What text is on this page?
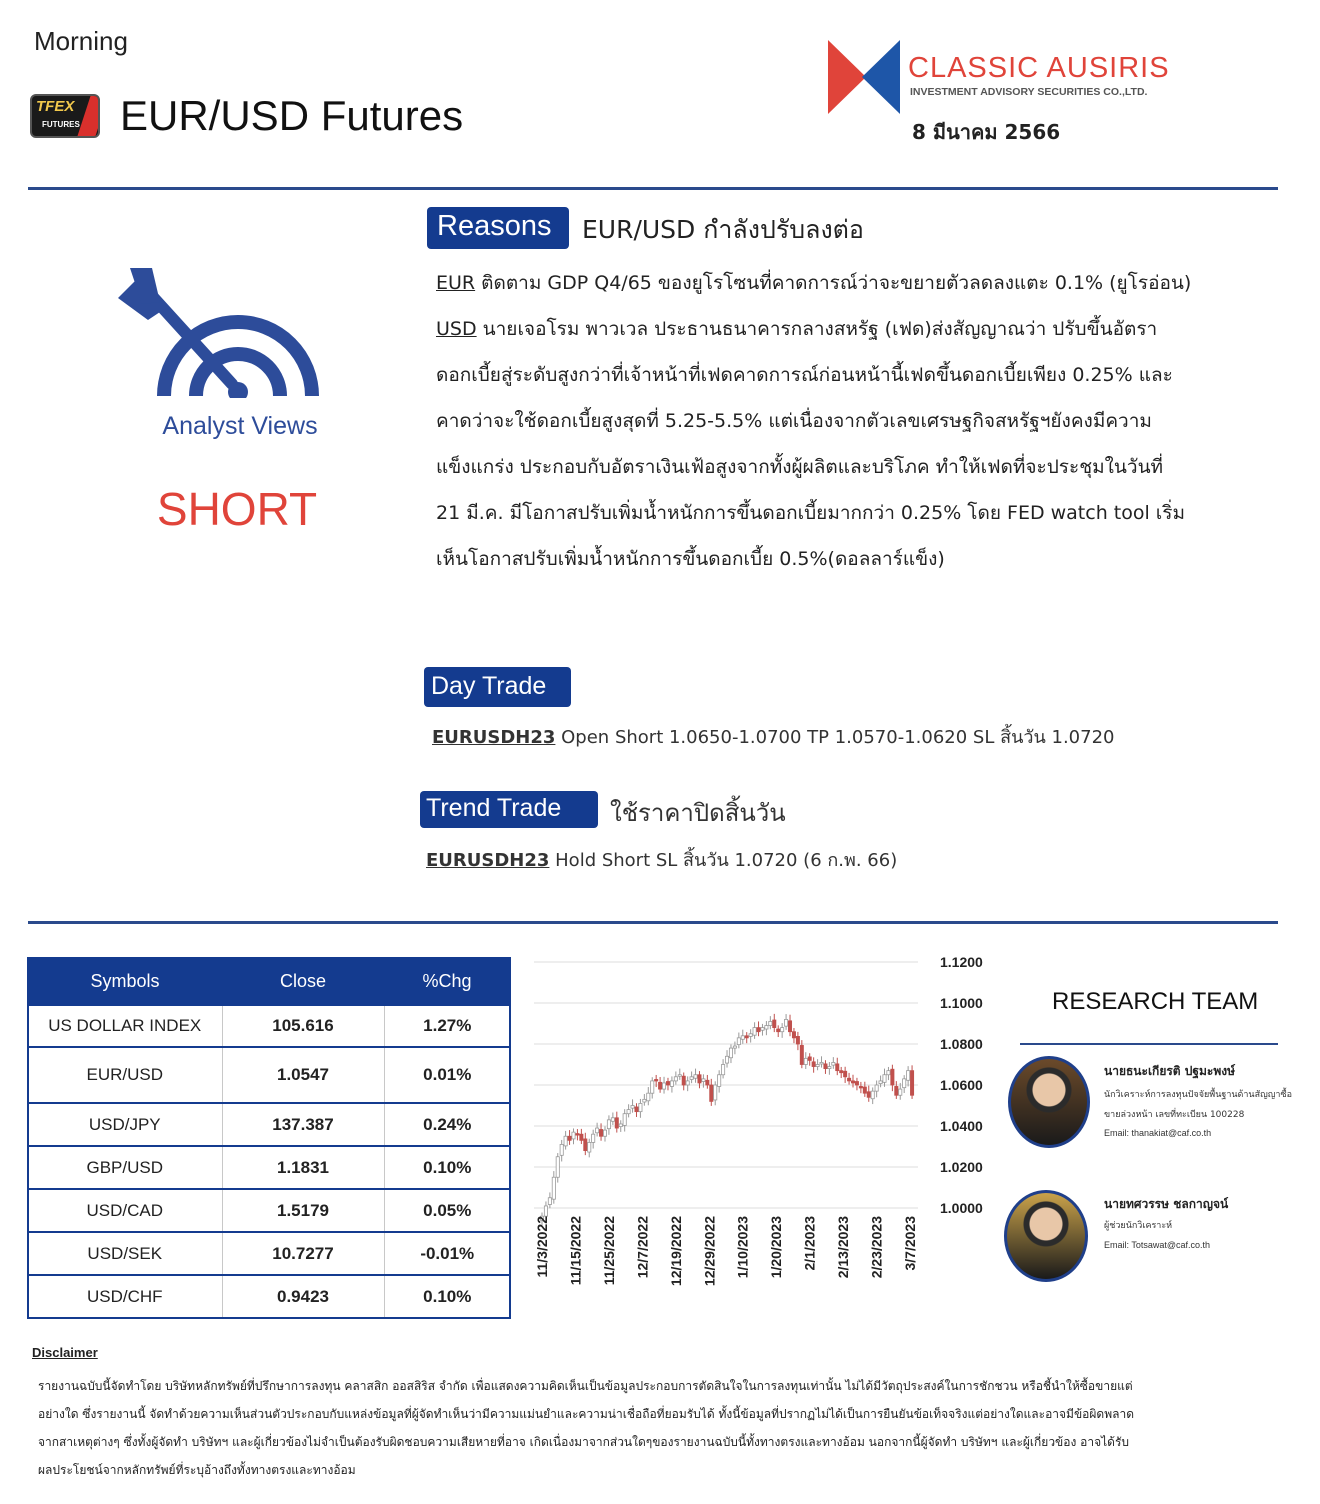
Morning
TFEX
FUTURES EUR/USD Futures
CLASSIC AUSIRIS
INVESTMENT ADVISORY SECURITIES CO.,LTD.
8 มีนาคม 2566
Analyst Views
SHORT
Reasons EUR/USD กำลังปรับลงต่อ
EUR ติดตาม GDP Q4/65 ของยูโรโซนที่คาดการณ์ว่าจะขยายตัวลดลงแตะ 0.1% (ยูโรอ่อน)
USD นายเจอโรม พาวเวล ประธานธนาคารกลางสหรัฐ (เฟด)ส่งสัญญาณว่า ปรับขึ้นอัตรา
ดอกเบี้ยสู่ระดับสูงกว่าที่เจ้าหน้าที่เฟดคาดการณ์ก่อนหน้านี้เฟดขึ้นดอกเบี้ยเพียง 0.25% และ
คาดว่าจะใช้ดอกเบี้ยสูงสุดที่ 5.25-5.5% แต่เนื่องจากตัวเลขเศรษฐกิจสหรัฐฯยังคงมีความ
แข็งแกร่ง ประกอบกับอัตราเงินเฟ้อสูงจากทั้งผู้ผลิตและบริโภค ทำให้เฟดที่จะประชุมในวันที่
21 มี.ค. มีโอกาสปรับเพิ่มน้ำหนักการขึ้นดอกเบี้ยมากกว่า 0.25% โดย FED watch tool เริ่ม
เห็นโอกาสปรับเพิ่มน้ำหนักการขึ้นดอกเบี้ย 0.5%(ดอลลาร์แข็ง)
Day Trade
EURUSDH23 Open Short 1.0650-1.0700 TP 1.0570-1.0620 SL สิ้นวัน 1.0720
Trend Trade ใช้ราคาปิดสิ้นวัน
EURUSDH23 Hold Short SL สิ้นวัน 1.0720 (6 ก.พ. 66)
Symbols	Close	%Chg
US DOLLAR INDEX	105.616	1.27%
EUR/USD	1.0547	0.01%
USD/JPY	137.387	0.24%
GBP/USD	1.1831	0.10%
USD/CAD	1.5179	0.05%
USD/SEK	10.7277	-0.01%
USD/CHF	0.9423	0.10%
1.1200
1.1000
1.0800
1.0600
1.0400
1.0200
1.0000
11/3/2022 11/15/2022 11/25/2022 12/7/2022 12/19/2022 12/29/2022 1/10/2023 1/20/2023 2/1/2023 2/13/2023 2/23/2023 3/7/2023
RESEARCH TEAM
นายธนะเกียรติ ปฐมะพงษ์
นักวิเคราะห์การลงทุนปัจจัยพื้นฐานด้านสัญญาซื้อ
ขายล่วงหน้า เลขที่ทะเบียน 100228
Email: thanakiat@caf.co.th
นายทศวรรษ ชลกาญจน์
ผู้ช่วยนักวิเคราะห์
Email: Totsawat@caf.co.th
Disclaimer
รายงานฉบับนี้จัดทำโดย บริษัทหลักทรัพย์ที่ปรึกษาการลงทุน คลาสสิก ออสสิริส จำกัด เพื่อแสดงความคิดเห็นเป็นข้อมูลประกอบการตัดสินใจในการลงทุนเท่านั้น ไม่ได้มีวัตถุประสงค์ในการชักชวน หรือชี้นำให้ซื้อขายแต่
อย่างใด ซึ่งรายงานนี้ จัดทำด้วยความเห็นส่วนตัวประกอบกับแหล่งข้อมูลที่ผู้จัดทำเห็นว่ามีความแม่นยำและความน่าเชื่อถือที่ยอมรับได้ ทั้งนี้ข้อมูลที่ปรากฏไม่ได้เป็นการยืนยันข้อเท็จจริงแต่อย่างใดและอาจมีข้อผิดพลาด
จากสาเหตุต่างๆ ซึ่งทั้งผู้จัดทำ บริษัทฯ และผู้เกี่ยวข้องไม่จำเป็นต้องรับผิดชอบความเสียหายที่อาจ เกิดเนื่องมาจากส่วนใดๆของรายงานฉบับนี้ทั้งทางตรงและทางอ้อม นอกจากนี้ผู้จัดทำ บริษัทฯ และผู้เกี่ยวข้อง อาจได้รับ
ผลประโยชน์จากหลักทรัพย์ที่ระบุอ้างถึงทั้งทางตรงและทางอ้อม
